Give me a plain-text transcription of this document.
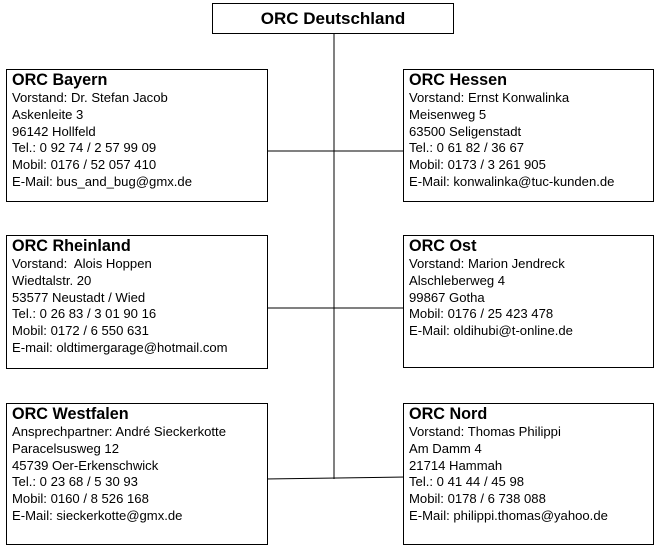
ORC Deutschland
ORC Bayern
Vorstand: Dr. Stefan Jacob
Askenleite 3
96142 Hollfeld
Tel.: 0 92 74 / 2 57 99 09
Mobil: 0176 / 52 057 410
E-Mail: bus_and_bug@gmx.de
ORC Hessen
Vorstand: Ernst Konwalinka
Meisenweg 5
63500 Seligenstadt
Tel.: 0 61 82 / 36 67
Mobil: 0173 / 3 261 905
E-Mail: konwalinka@tuc-kunden.de
ORC Rheinland
Vorstand:  Alois Hoppen
Wiedtalstr. 20
53577 Neustadt / Wied
Tel.: 0 26 83 / 3 01 90 16
Mobil: 0172 / 6 550 631
E-mail: oldtimergarage@hotmail.com
ORC Ost
Vorstand: Marion Jendreck
Alschleberweg 4
99867 Gotha
Mobil: 0176 / 25 423 478
E-Mail: oldihubi@t-online.de
ORC Westfalen
Ansprechpartner: André Sieckerkotte
Paracelsusweg 12
45739 Oer-Erkenschwick
Tel.: 0 23 68 / 5 30 93
Mobil: 0160 / 8 526 168
E-Mail: sieckerkotte@gmx.de
ORC Nord
Vorstand: Thomas Philippi
Am Damm 4
21714 Hammah
Tel.: 0 41 44 / 45 98
Mobil: 0178 / 6 738 088
E-Mail: philippi.thomas@yahoo.de
